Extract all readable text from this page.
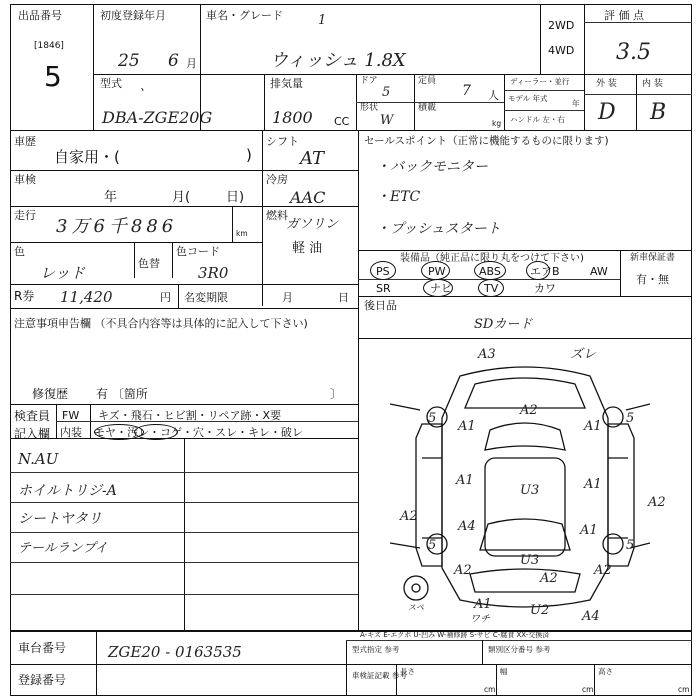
出品番号
[1846]
5
初度登録年月
25 6 月
車名・グレード	1
ウィッシュ 1.8X
2WD
4WD
評 価 点
3.5
型式 、
DBA-ZGE20G
排気量
1800 CC
ドア
5
定員
7 人
形状
W
積載
kg
ディーラー・並行
モデル 年式
年
ハンドル 左・右
外 装	内 装
D B
車歴
自家用・(	)
シフト
AT
車検
年	月(	日)
冷房
AAC
走行
3万6千886	km
燃料
ガソリン
軽 油
色
レッド
色替
色コード
3R0
R券 11,420	円 名変期限	月	日
セールスポイント（正常に機能するものに限ります)
・バックモニター
・ETC
・プッシュスタート
装備品（純正品に限り丸をつけて下さい)	新車保証書
有・無
PS	PW	ABS	エアB	AW
SR	ナビ	TV	カワ
後日品
SDカード
注意事項申告欄 （不具合内容等は具体的に記入して下さい)
修復歴 有 〔箇所	〕
検査員
記入欄
FW キズ・飛石・ヒビ割・リペア跡・X要
内装 モヤ・汚レ・コゲ・穴・スレ・キレ・破レ
N.AU
ホイルトリジ-A
シートヤタリ
テールランプイ
A3	ズレ
A2
5	5
A1	A1
A1	A1
A2
U3
A2
A4	A1
A2
5	5
A2
U3
A2
A1
ワチ
U2	A4
スペ
A-キズ E-エクボ U-凹み W-補修跡 S-サビ C-腐食 XX-交換済
車台番号	ZGE20 - 0163535
登録番号
型式指定 参考	類別区分番号 参考
車検証記載 参考
長さ
cm
幅
cm
高さ
cm
